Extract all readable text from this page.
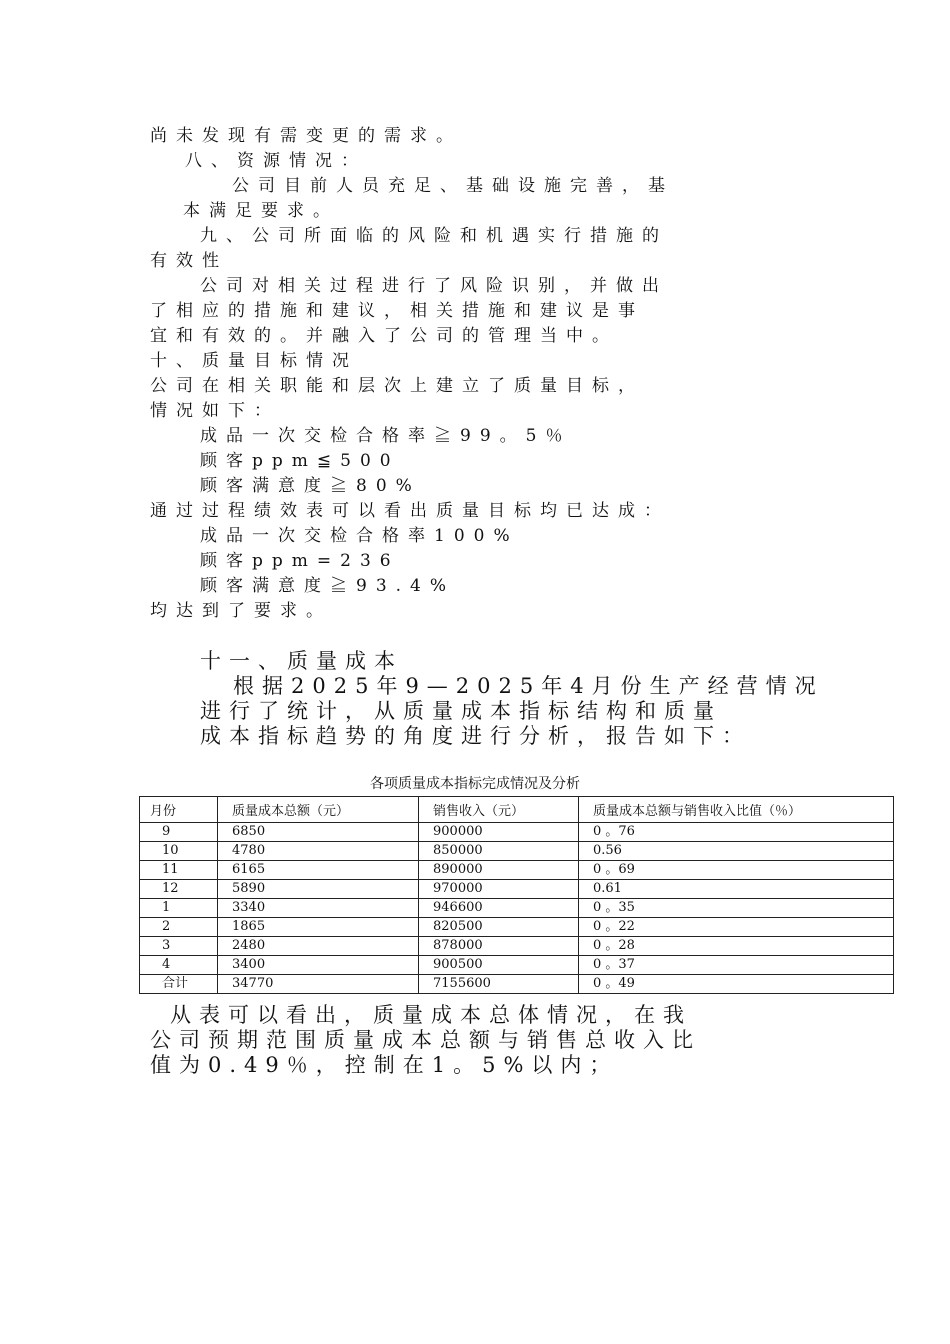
尚未发现有需变更的需求。

八、资源情况：

公司目前人员充足、基础设施完善，基

本满足要求。

九、公司所面临的风险和机遇实行措施的

有效性

公司对相关过程进行了风险识别，并做出

了相应的措施和建议，相关措施和建议是事

宜和有效的。并融入了公司的管理当中。

十、质量目标情况

公司在相关职能和层次上建立了质量目标，

情况如下：

成品一次交检合格率≧99。5％

顾客ppm≦500

顾客满意度≧80%

通过过程绩效表可以看出质量目标均已达成：

成品一次交检合格率100%

顾客ppm=236

顾客满意度≧93.4%

均达到了要求。

十一、质量成本

根据2025年9—2025年4月份生产经营情况

进行了统计，从质量成本指标结构和质量

成本指标趋势的角度进行分析，报告如下：

各项质量成本指标完成情况及分析
月份	质量成本总额（元）	销售收入（元）	质量成本总额与销售收入比值（％）
9	6850	900000	0 。76
10	4780	850000	0.56
11	6165	890000	0 。69
12	5890	970000	0.61
1	3340	946600	0 。35
2	1865	820500	0 。22
3	2480	878000	0 。28
4	3400	900500	0 。37
合计	34770	7155600	0 。49

从表可以看出，质量成本总体情况，在我

公司预期范围质量成本总额与销售总收入比

值为0.49％，控制在1。5%以内；
